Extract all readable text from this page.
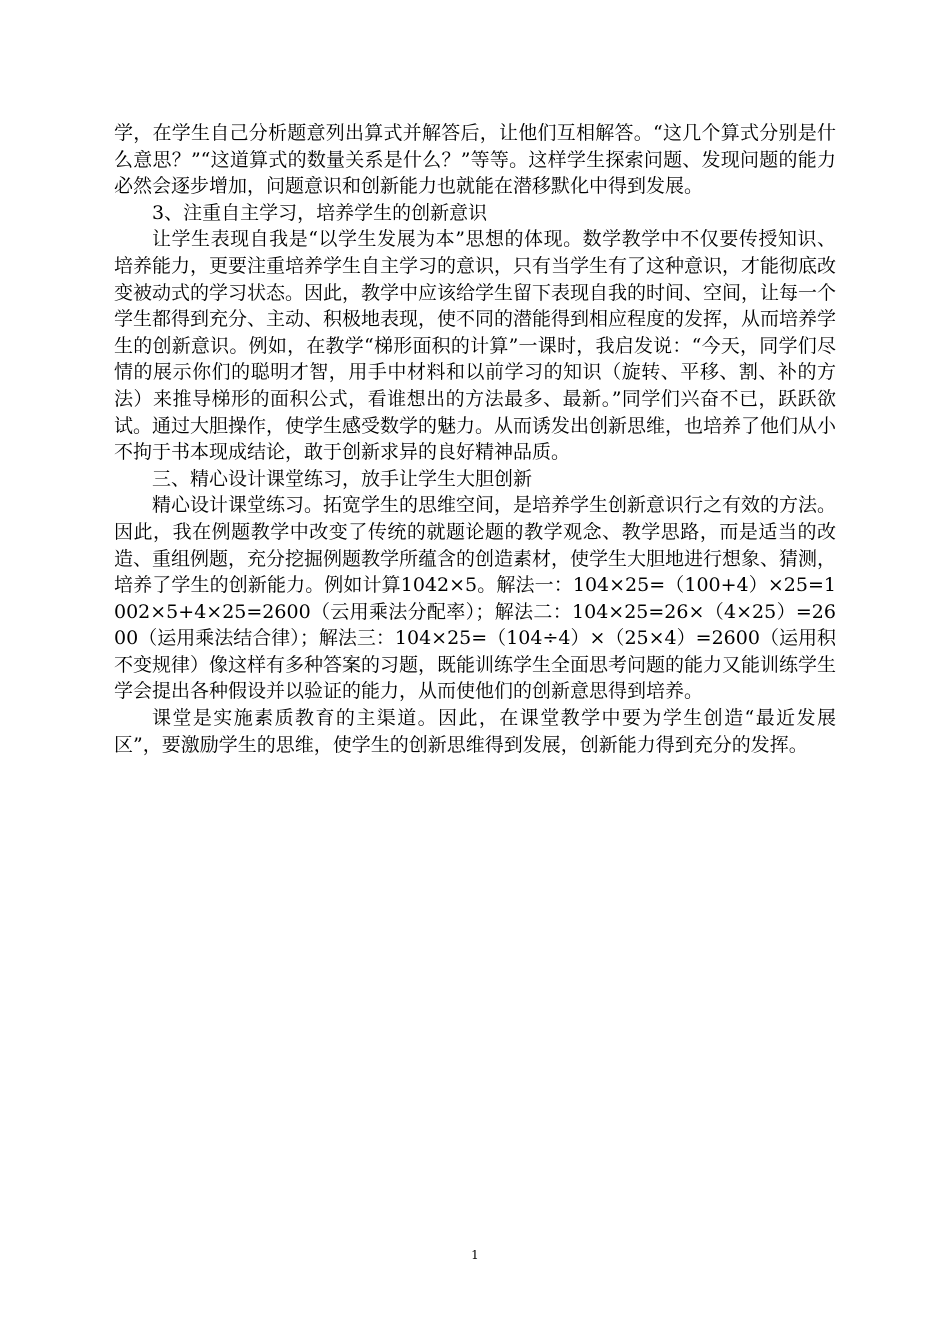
学，在学生自己分析题意列出算式并解答后，让他们互相解答。“这几个算式分别是什么意思？”“这道算式的数量关系是什么？”等等。这样学生探索问题、发现问题的能力必然会逐步增加，问题意识和创新能力也就能在潜移默化中得到发展。

3、注重自主学习，培养学生的创新意识

让学生表现自我是“以学生发展为本”思想的体现。数学教学中不仅要传授知识、培养能力，更要注重培养学生自主学习的意识，只有当学生有了这种意识，才能彻底改变被动式的学习状态。因此，教学中应该给学生留下表现自我的时间、空间，让每一个学生都得到充分、主动、积极地表现，使不同的潜能得到相应程度的发挥，从而培养学生的创新意识。例如，在教学“梯形面积的计算”一课时，我启发说：“今天，同学们尽情的展示你们的聪明才智，用手中材料和以前学习的知识（旋转、平移、割、补的方法）来推导梯形的面积公式，看谁想出的方法最多、最新。”同学们兴奋不已，跃跃欲试。通过大胆操作，使学生感受数学的魅力。从而诱发出创新思维，也培养了他们从小不拘于书本现成结论，敢于创新求异的良好精神品质。

三、精心设计课堂练习，放手让学生大胆创新

精心设计课堂练习。拓宽学生的思维空间，是培养学生创新意识行之有效的方法。因此，我在例题教学中改变了传统的就题论题的教学观念、教学思路，而是适当的改造、重组例题，充分挖掘例题教学所蕴含的创造素材，使学生大胆地进行想象、猜测，培养了学生的创新能力。例如计算1042×5。解法一：104×25=（100+4）×25=1002×5+4×25=2600（云用乘法分配率）；解法二：104×25=26×（4×25）=2600（运用乘法结合律）；解法三：104×25=（104÷4）×（25×4）=2600（运用积不变规律）像这样有多种答案的习题，既能训练学生全面思考问题的能力又能训练学生学会提出各种假设并以验证的能力，从而使他们的创新意思得到培养。

课堂是实施素质教育的主渠道。因此，在课堂教学中要为学生创造“最近发展区”，要激励学生的思维，使学生的创新思维得到发展，创新能力得到充分的发挥。

1
